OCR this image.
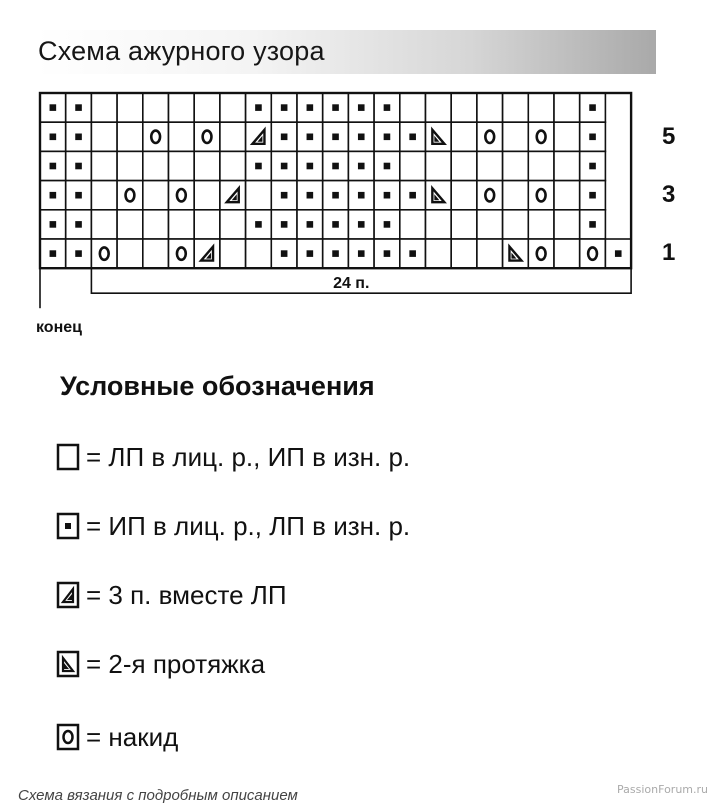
Схема ажурного узора
24 п.
конец
5
3
1
Условные обозначения
= ЛП в лиц. р., ИП в изн. р.
= ИП в лиц. р., ЛП в изн. р.
= 3 п. вместе ЛП
= 2-я протяжка
= накид
Схема вязания с подробным описанием	PassionForum.ru
